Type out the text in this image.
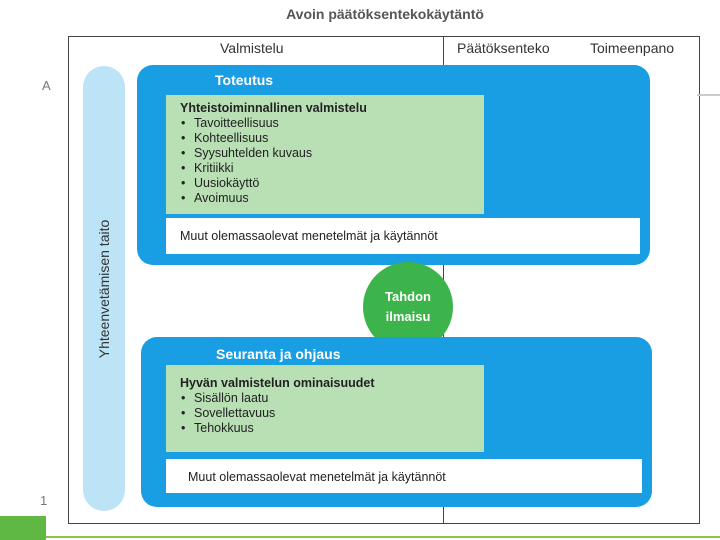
Avoin päätöksentekokäytäntö
Valmistelu	Päätöksenteko	Toimeenpano
Yhteenvetämisen taito
Toteutus
Yhteistoiminnallinen valmistelu
• Tavoitteellisuus
• Kohteellisuus
• Syysuhtelden kuvaus
• Kritiikki
• Uusiokäyttö
• Avoimuus
Muut olemassaolevat menetelmät ja käytännöt
Tahdon
ilmaisu
Seuranta ja ohjaus
Hyvän valmistelun ominaisuudet
• Sisällön laatu
• Sovellettavuus
• Tehokkuus
Muut olemassaolevat menetelmät ja käytännöt
A
1
